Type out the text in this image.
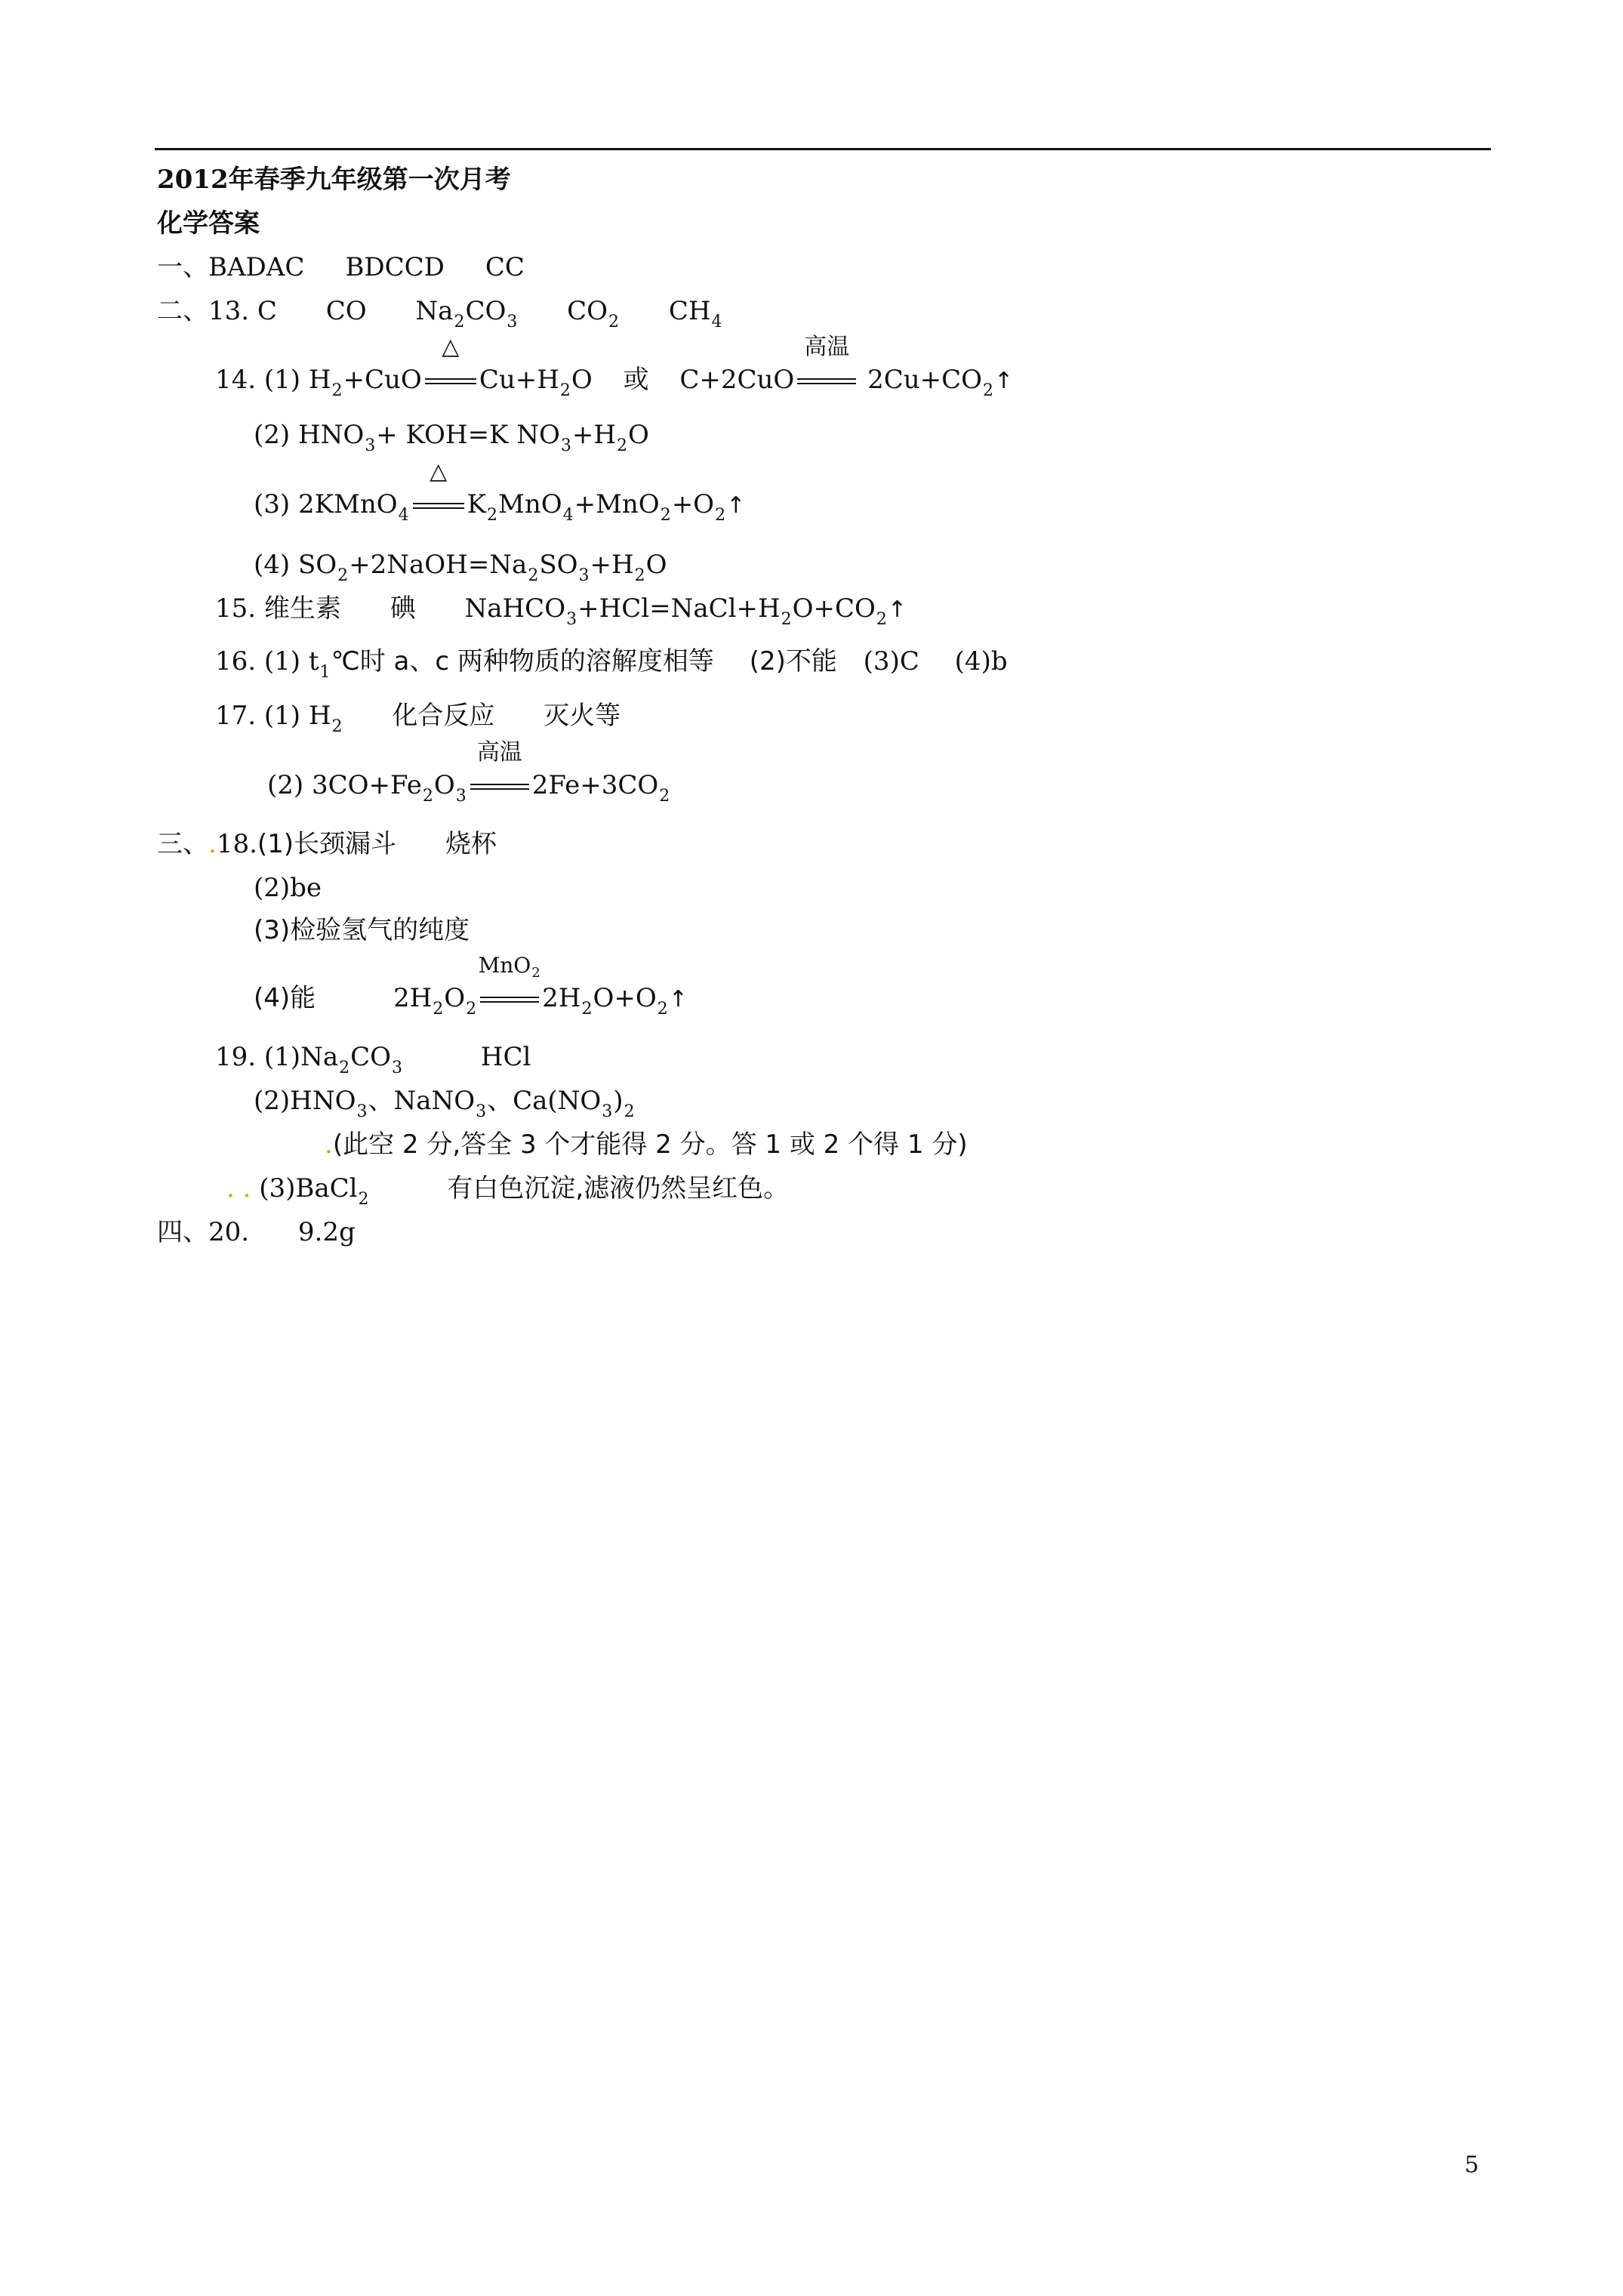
2012年春季九年级第一次月考
化学答案
一、BADAC BDCCD CC
二、13. C CO $Na_2CO_3$ $CO_2$ $CH_4$
14. (1) $H_2+CuO$
△
$Cu+H_2O$ 或 C+2CuO
高温
$2Cu+CO_2↑$
(2) $HNO_3+ KOH=K$ $NO_3+H_2O$
(3) 2KMnO$_4$
△
$K_2MnO_4+MnO_2+O_2↑$
(4) $SO_2+2NaOH=Na_2SO_3+H_2O$
15. 维生素 碘 $NaHCO_3+HCl=NaCl+H_2O+CO_2↑$
16. (1) $t_1℃$时 a、c 两种物质的溶解度相等 (2)不能 (3)C (4)b
17. (1) $H_2$ 化合反应 灭火等
(2) $3CO+Fe_2O_3$
高温
$2Fe+3CO_2$
三、.18.(1)长颈漏斗 烧杯
(2)be
(3)检验氢气的纯度
(4)能	$2H_2O_2$
MnO$_2$
$2H_2O+O_2↑$
19. $(1)Na_2CO_3$	HCl
$(2)HNO_3$、NaNO$_3$、$Ca(NO_3)_2$
.(此空 2 分,答全 3 个才能得 2 分。答 1 或 2 个得 1 分)
. . (3)BaCl$_2$	有白色沉淀,滤液仍然呈红色。
四、20. 9.2g
5
